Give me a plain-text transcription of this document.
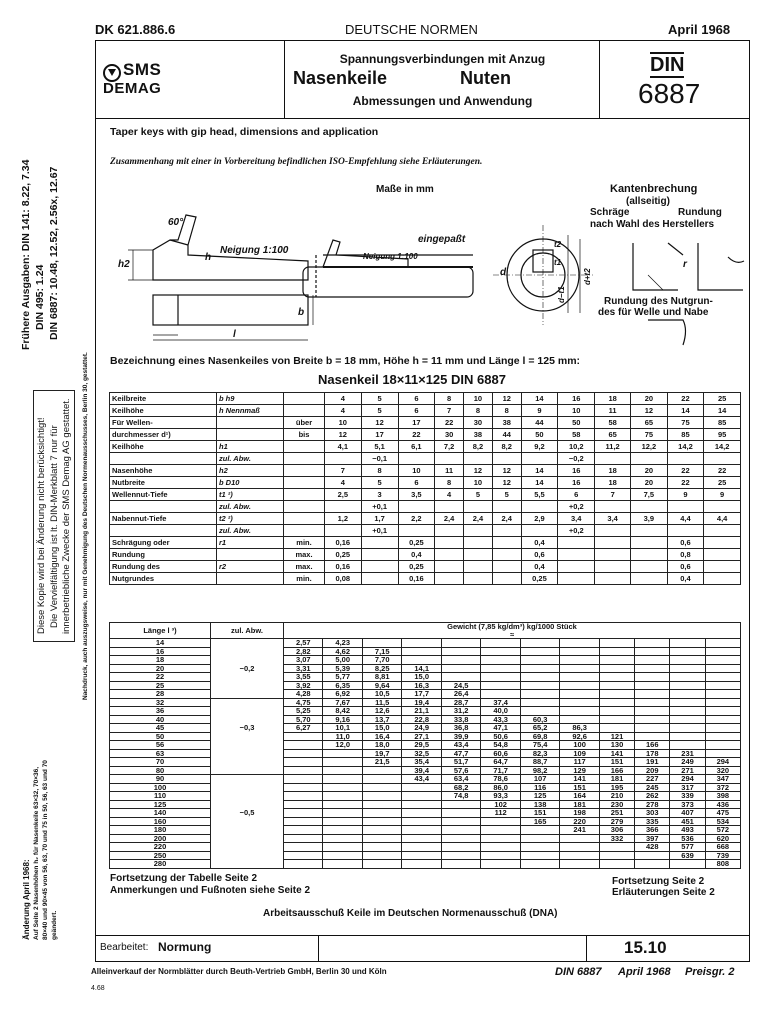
DK 621.886.6	DEUTSCHE NORMEN	April 1968
SMS
DEMAG
Spannungsverbindungen mit Anzug
Nasenkeile	Nuten
Abmessungen und Anwendung
DIN
6887
Taper keys with gip head, dimensions and application
Zusammenhang mit einer in Vorbereitung befindlichen ISO-Empfehlung siehe Erläuterungen.
Maße in mm	Kantenbrechung
(allseitig)
Schräge	Rundung
nach Wahl des Herstellers
Rundung des Nutgrun-
des für Welle und Nabe
60°
Neigung 1:100
h2
h
b
l
eingepaßt
Neigung 1:100
d
t2
t1
d−t1
d+t2
r
Bezeichnung eines Nasenkeiles von Breite b = 18 mm, Höhe h = 11 mm und Länge l = 125 mm:
Nasenkeil 18×11×125 DIN 6887
Keilbreite	b h9		4	5	6	8	10	12	14	16	18	20	22	25
Keilhöhe	h Nennmaß		4	5	6	7	8	8	9	10	11	12	14	14
Für Wellen-		über	10	12	17	22	30	38	44	50	58	65	75	85
durchmesser d¹)		bis	12	17	22	30	38	44	50	58	65	75	85	95
Keilhöhe	h1		4,1	5,1	6,1	7,2	8,2	8,2	9,2	10,2	11,2	12,2	14,2	14,2
	zul. Abw.			−0,1						−0,2				
Nasenhöhe	h2		7	8	10	11	12	12	14	16	18	20	22	22
Nutbreite	b D10		4	5	6	8	10	12	14	16	18	20	22	25
Wellennut-Tiefe	t1 ²)		2,5	3	3,5	4	5	5	5,5	6	7	7,5	9	9
	zul. Abw.			+0,1						+0,2				
Nabennut-Tiefe	t2 ²)		1,2	1,7	2,2	2,4	2,4	2,4	2,9	3,4	3,4	3,9	4,4	4,4
	zul. Abw.			+0,1						+0,2				
Schrägung oder	r1	min.	0,16		0,25				0,4				0,6	
Rundung		max.	0,25		0,4				0,6				0,8	
Rundung des	r2	max.	0,16		0,25				0,4				0,6	
Nutgrundes		min.	0,08		0,16				0,25				0,4	
Länge l ³)	zul. Abw.	Gewicht (7,85 kg/dm³) kg/1000 Stück
≈											
14		2,57	4,23										
16		2,82	4,62	7,15									
18		3,07	5,00	7,70									
20	−0,2	3,31	5,39	8,25	14,1								
22		3,55	5,77	8,81	15,0								
25		3,92	6,35	9,64	16,3	24,5							
28		4,28	6,92	10,5	17,7	26,4							
32		4,75	7,67	11,5	19,4	28,7	37,4						
36		5,25	8,42	12,6	21,1	31,2	40,0						
40		5,70	9,16	13,7	22,8	33,8	43,3	60,3					
45	−0,3	6,27	10,1	15,0	24,9	36,8	47,1	65,2	86,3				
50			11,0	16,4	27,1	39,9	50,6	69,8	92,6	121			
56			12,0	18,0	29,5	43,4	54,8	75,4	100	130	166		
63				19,7	32,5	47,7	60,6	82,3	109	141	178	231	
70				21,5	35,4	51,7	64,7	88,7	117	151	191	249	294
80					39,4	57,6	71,7	98,2	129	166	209	271	320
90					43,4	63,4	78,6	107	141	181	227	294	347
100						68,2	86,0	116	151	195	245	317	372
110						74,8	93,3	125	164	210	262	339	398
125							102	138	181	230	278	373	436
140	−0,5						112	151	198	251	303	407	475
160								165	220	279	335	451	534
180									241	306	366	493	572
200										332	397	536	620
220											428	577	668
250												639	739
280													808
Fortsetzung der Tabelle Seite 2
Anmerkungen und Fußnoten siehe Seite 2
Fortsetzung Seite 2
Erläuterungen Seite 2
Arbeitsausschuß Keile im Deutschen Normenausschuß (DNA)
Bearbeitet: Normung	15.10
Alleinverkauf der Normblätter durch Beuth-Vertrieb GmbH, Berlin 30 und Köln	DIN 6887 April 1968 Preisgr. 2
4.68
Frühere Ausgaben: DIN 141: 8.22, 7.34 DIN 495: 1.24 DIN 6887: 10.48, 12.52, 2.56x, 12.67
Nachdruck, auch auszugsweise, nur mit Genehmigung des Deutschen Normenausschusses, Berlin 30, gestattet.
Diese Kopie wird bei Änderung nicht berücksichtigt! Die Vervielfältigung ist lt. DIN-Merkblatt 7 nur für innerbetriebliche Zwecke der SMS Demag AG gestattet.
Änderung April 1968: Auf Seite 2 Nasenhöhen h₂ für Nasenkeile 63×32, 70×36, 80×40 und 90×45 von 56, 63, 70 und 75 in 50, 56, 63 und 70 geändert.
